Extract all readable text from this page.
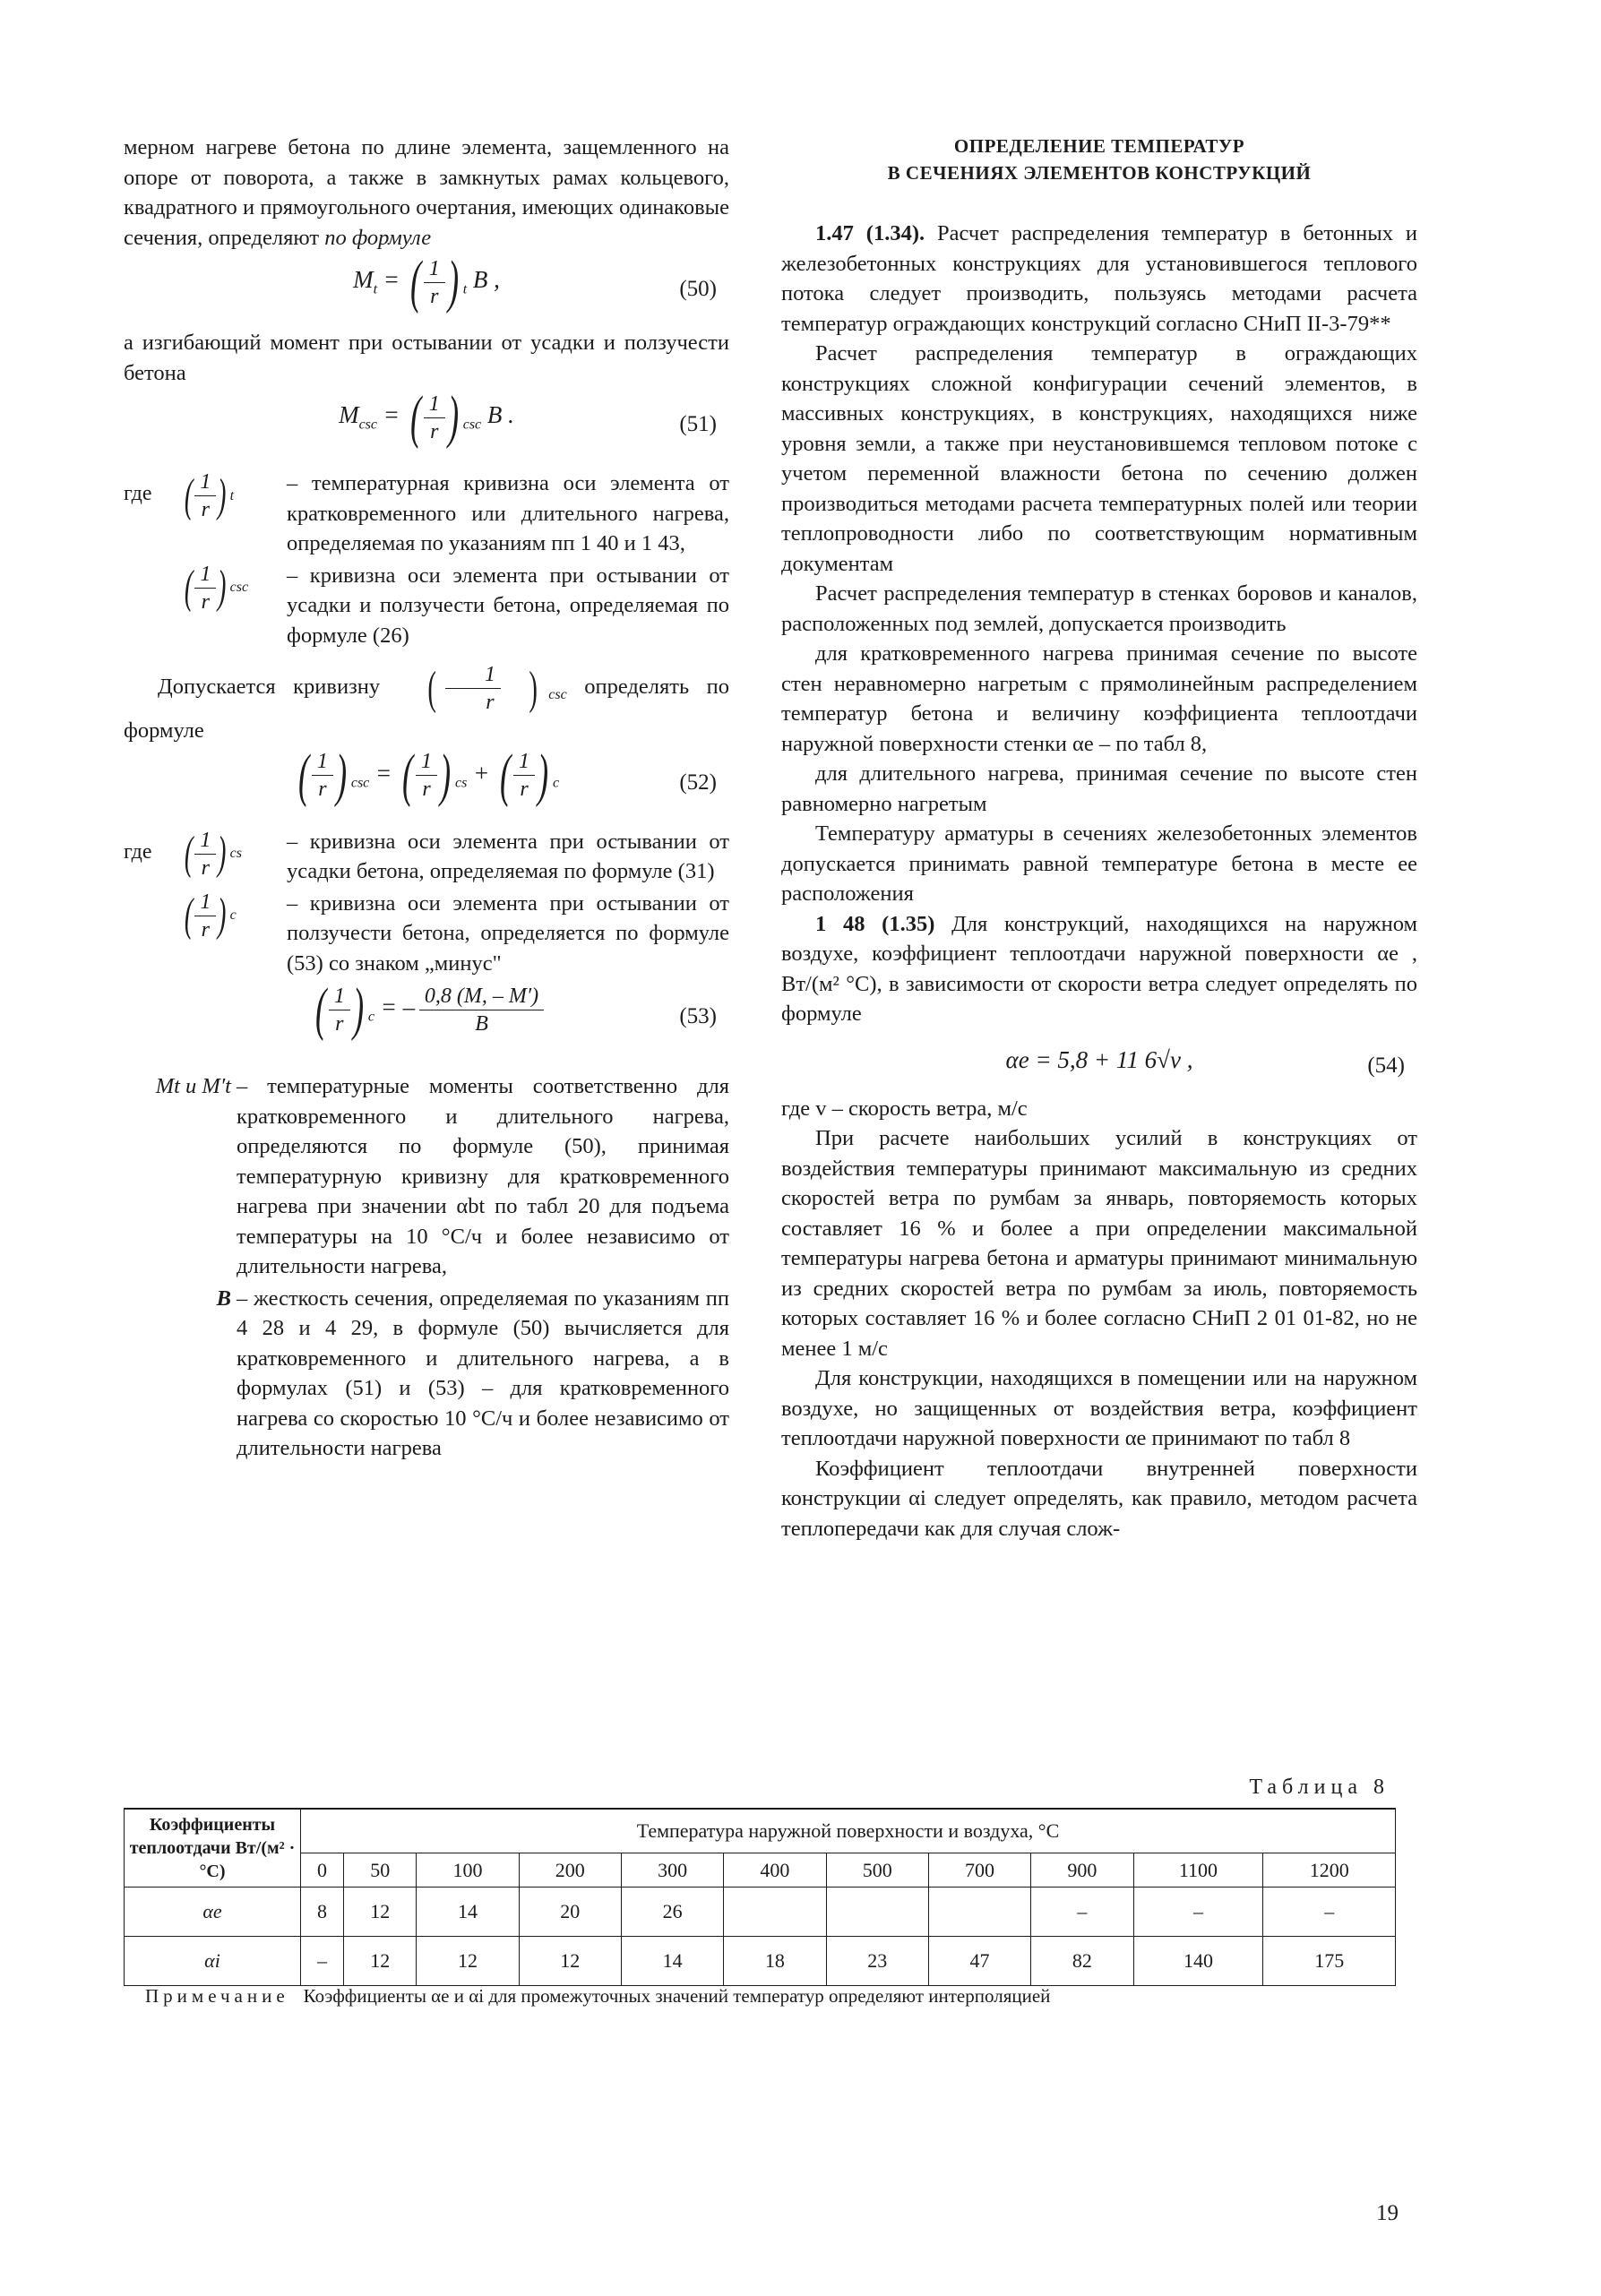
мерном нагреве бетона по длине элемента, защемленного на опоре от поворота, а также в замкнутых рамах кольцевого, квадратного и прямоугольного очертания, имеющих одинаковые сечения, определяют по формуле

$M_t$ = ( $\frac{1}{r}$ ) $_t$ B ,	(50)

а изгибающий момент при остывании от усадки и ползучести бетона

$M_{csc}$ = ( $\frac{1}{r}$ ) $_{csc}$ B .	(51)
где ( $\frac{1}{r}$ ) t
– температурная кривизна оси элемента от кратковременного или длительного нагрева, определяемая по указаниям пп 1 40 и 1 43,
( $\frac{1}{r}$ ) csc
– кривизна оси элемента при остывании от усадки и ползучести бетона, определяемая по формуле (26)

Допускается кривизну ( $\frac{1}{r}$ ) $_{csc}$ определять по формуле

( $\frac{1}{r}$ ) $_{csc}$ = ( $\frac{1}{r}$ ) $_{cs}$ + ( $\frac{1}{r}$ ) $_c$	(52)
где ( $\frac{1}{r}$ ) cs
– кривизна оси элемента при остывании от усадки бетона, определяемая по формуле (31)
( $\frac{1}{r}$ ) c
– кривизна оси элемента при остывании от ползучести бетона, определяется по формуле (53) со знаком „минус"
( $\frac{1}{r}$ ) $_c$ = –
$\frac{0,8 (M, - M')}{B}$	(53)
Mt и M′t – температурные моменты соответственно для кратковременного и длительного нагрева, определяются по формуле (50), принимая температурную кривизну для кратковременного нагрева при значении αbt по табл 20 для подъема температуры на 10 °C/ч и более независимо от длительности нагрева,
B – жесткость сечения, определяемая по указаниям пп 4 28 и 4 29, в формуле (50) вычисляется для кратковременного и длительного нагрева, а в формулах (51) и (53) – для кратковременного нагрева со скоростью 10 °C/ч и более независимо от длительности нагрева
ОПРЕДЕЛЕНИЕ ТЕМПЕРАТУР
В СЕЧЕНИЯХ ЭЛЕМЕНТОВ КОНСТРУКЦИЙ

1.47 (1.34). Расчет распределения температур в бетонных и железобетонных конструкциях для установившегося теплового потока следует производить, пользуясь методами расчета температур ограждающих конструкций согласно СНиП II-3-79**

Расчет распределения температур в ограждающих конструкциях сложной конфигурации сечений элементов, в массивных конструкциях, в конструкциях, находящихся ниже уровня земли, а также при неустановившемся тепловом потоке с учетом переменной влажности бетона по сечению должен производиться методами расчета температурных полей или теории теплопроводности либо по соответствующим нормативным документам

Расчет распределения температур в стенках боровов и каналов, расположенных под землей, допускается производить

для кратковременного нагрева принимая сечение по высоте стен неравномерно нагретым с прямолинейным распределением температур бетона и величину коэффициента теплоотдачи наружной поверхности стенки αe – по табл 8,

для длительного нагрева, принимая сечение по высоте стен равномерно нагретым

Температуру арматуры в сечениях железобетонных элементов допускается принимать равной температуре бетона в месте ее расположения

1 48 (1.35) Для конструкций, находящихся на наружном воздухе, коэффициент теплоотдачи наружной поверхности αe , Вт/(м² °C), в зависимости от скорости ветра следует определять по формуле

αe = 5,8 + 11 6√v ,	(54)

где v – скорость ветра, м/с

При расчете наибольших усилий в конструкциях от воздействия температуры принимают максимальную из средних скоростей ветра по румбам за январь, повторяемость которых составляет 16 % и более а при определении максимальной температуры нагрева бетона и арматуры принимают минимальную из средних скоростей ветра по румбам за июль, повторяемость которых составляет 16 % и более согласно СНиП 2 01 01-82, но не менее 1 м/с

Для конструкции, находящихся в помещении или на наружном воздухе, но защищенных от воздействия ветра, коэффициент теплоотдачи наружной поверхности αe принимают по табл 8

Коэффициент теплоотдачи внутренней поверхности конструкции αi следует определять, как правило, методом расчета теплопередачи как для случая слож-

Таблица 8
Коэффициенты теплоотдачи Вт/(м² · °C)	Температура наружной поверхности и воздуха, °C										
	0	50	100	200	300	400	500	700	900	1100	1200
αe	8	12	14	20	26				–	–	–
αi	–	12	12	12	14	18	23	47	82	140	175
Примечание Коэффициенты αe и αi для промежуточных значений температур определяют интерполяцией
19
